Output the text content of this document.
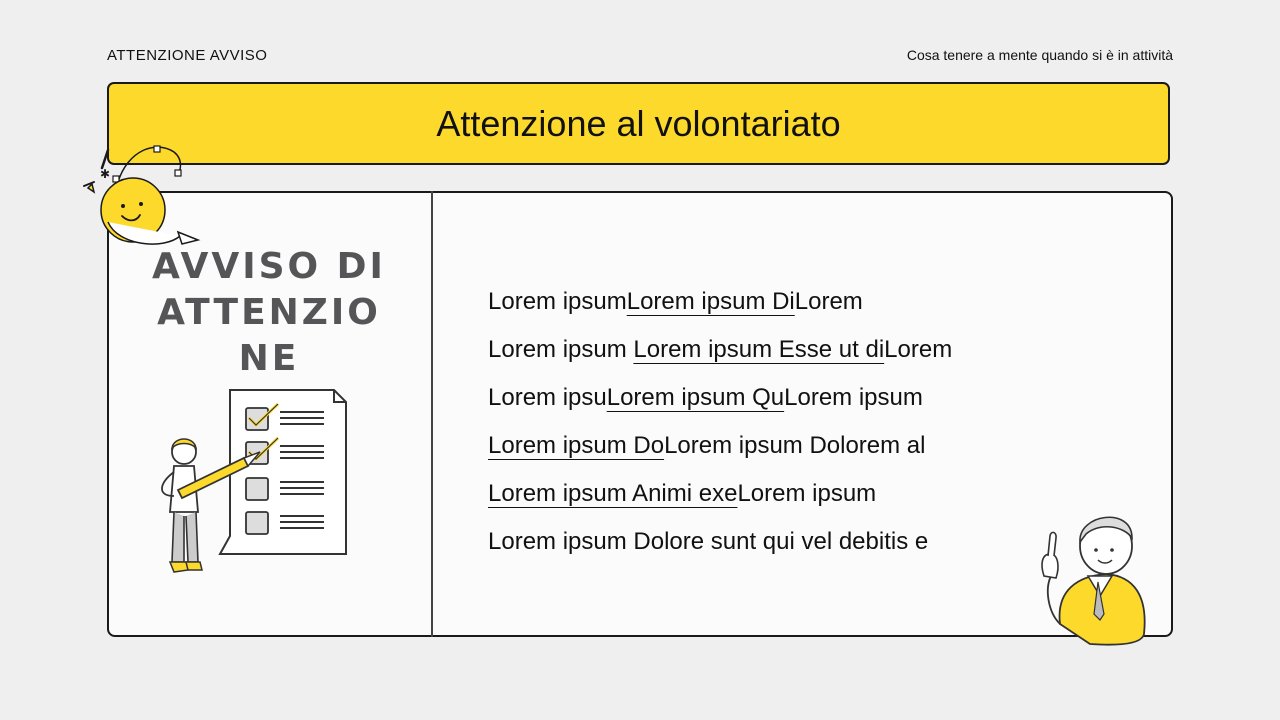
ATTENZIONE AVVISO	Cosa tenere a mente quando si è in attività
Attenzione al volontariato
AVVISO DI ATTENZIONE
Lorem ipsumLorem ipsum DiLorem
Lorem ipsum Lorem ipsum Esse ut diLorem
Lorem ipsuLorem ipsum QuLorem ipsum
Lorem ipsum DoLorem ipsum Dolorem al
Lorem ipsum Animi exeLorem ipsum
Lorem ipsum Dolore sunt qui vel debitis e
✱
